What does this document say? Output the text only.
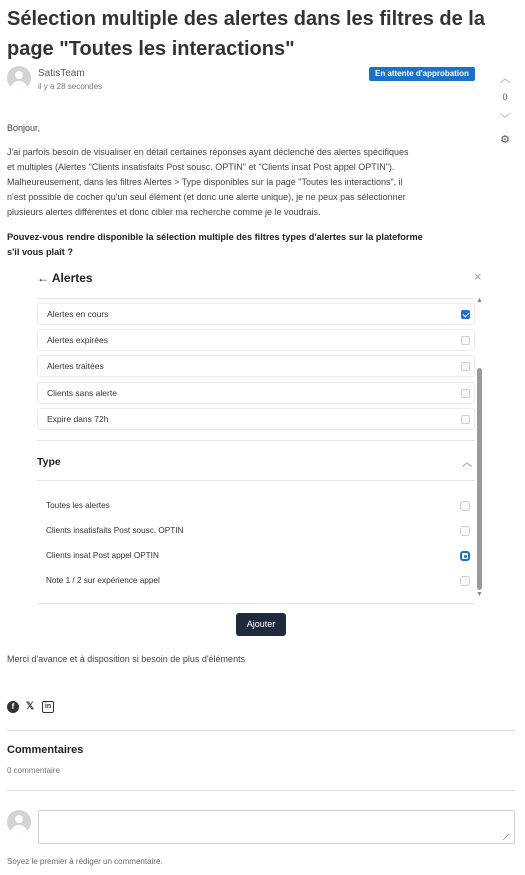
Sélection multiple des alertes dans les filtres de la page "Toutes les interactions"
SatisTeam
il y a 28 secondes
En attente d'approbation
︿
0
﹀
⚙
Bonjour,
J'ai parfois besoin de visualiser en détail certaines réponses ayant déclenché des alertes spécifiques
et multiples (Alertes "Clients insatisfaits Post sousc. OPTIN" et "Clients insat Post appel OPTIN").
Malheureusement, dans les filtres Alertes > Type disponibles sur la page "Toutes les interactions", il
n'est possible de cocher qu'un seul élément (et donc une alerte unique), je ne peux pas sélectionner
plusieurs alertes différentes et donc cibler ma recherche comme je le voudrais.
Pouvez-vous rendre disponible la sélection multiple des filtres types d'alertes sur la plateforme
s'il vous plaît ?
← Alertes	×
Alertes en cours
Alertes expirées
Alertes traitées
Clients sans alerte
Expire dans 72h
Type	︿
Toutes les alertes
Clients insatisfaits Post sousc. OPTIN
Clients insat Post appel OPTIN
Note 1 / 2 sur expérience appel
▲
▼
Ajouter
Merci d'avance et à disposition si besoin de plus d'éléments
f	𝕏	in
Commentaires
0 commentaire
⟋
Soyez le premier à rédiger un commentaire.
